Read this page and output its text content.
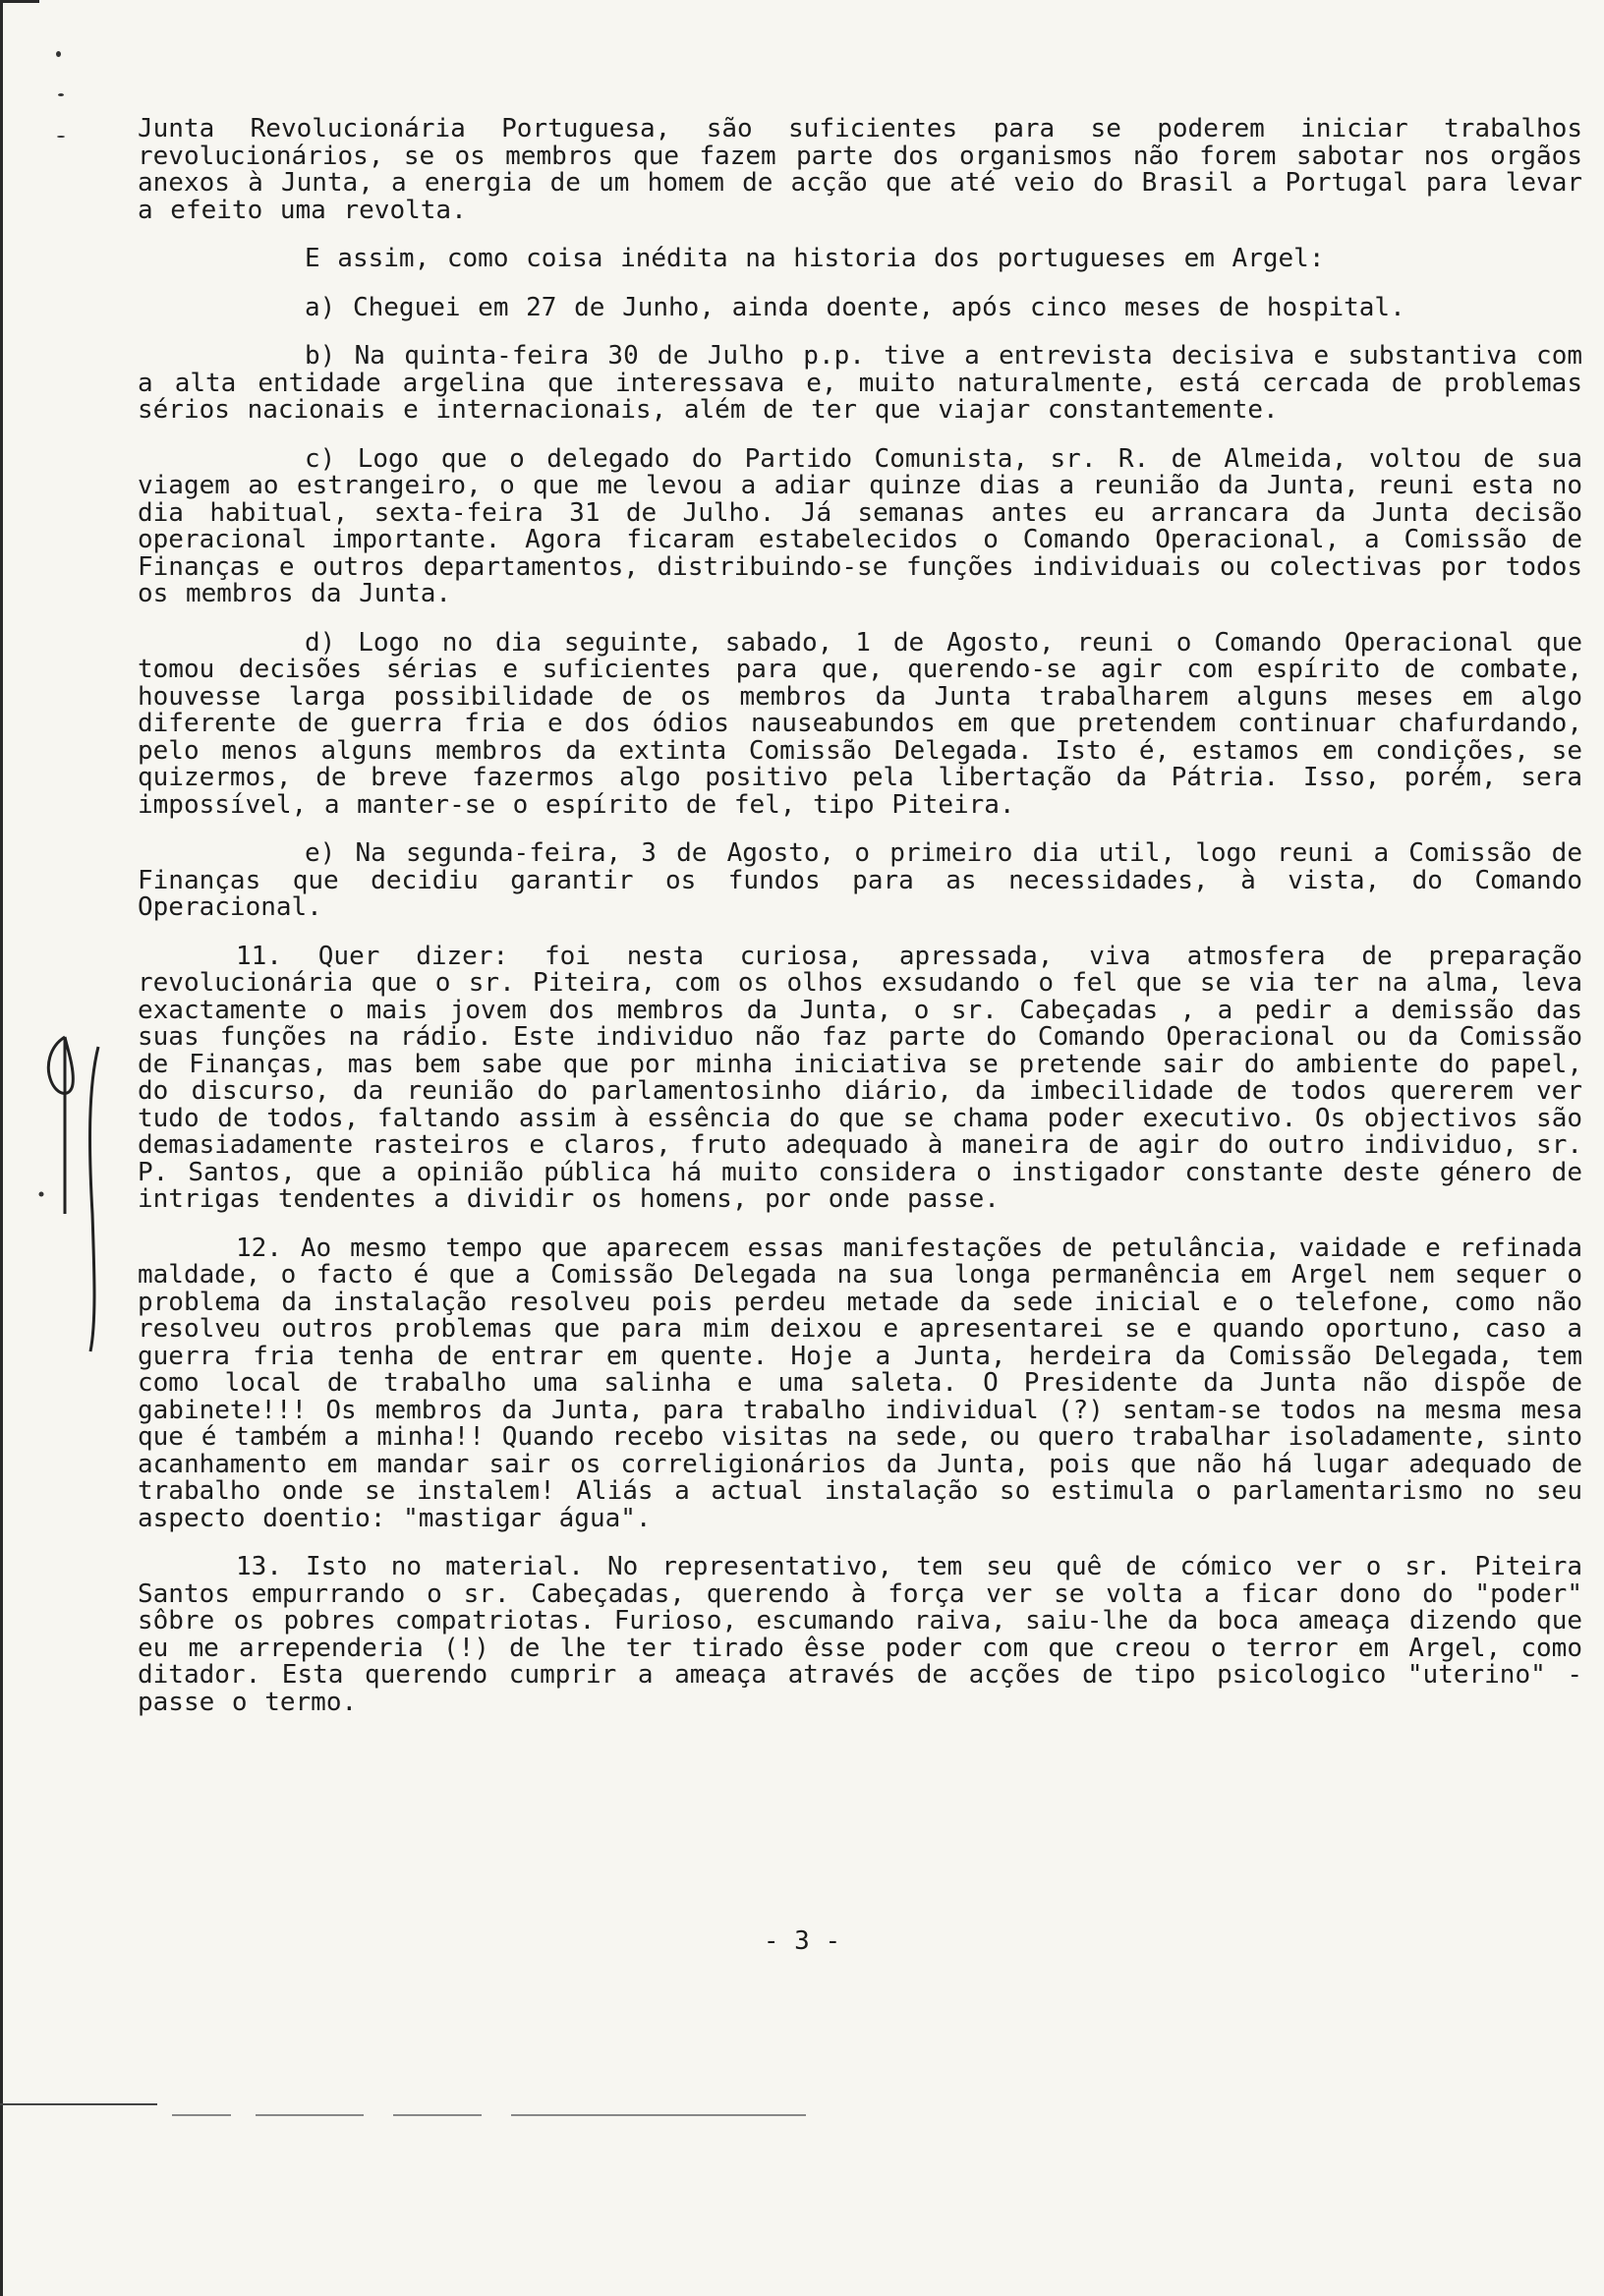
Junta Revolucionária Portuguesa, são suficientes para se poderem iniciar trabalhos revolucionários, se os membros que fazem parte dos organismos não forem sabotar nos orgãos anexos à Junta, a energia de um homem de acção que até veio do Brasil a Portugal para levar a efeito uma revolta.

E assim, como coisa inédita na historia dos portugueses em Argel:

a) Cheguei em 27 de Junho, ainda doente, após cinco meses de hospital.

b) Na quinta-feira 30 de Julho p.p. tive a entrevista decisiva e substantiva com a alta entidade argelina que interessava e, muito naturalmente, está cercada de problemas sérios nacionais e internacionais, além de ter que viajar constantemente.

c) Logo que o delegado do Partido Comunista, sr. R. de Almeida, voltou de sua viagem ao estrangeiro, o que me levou a adiar quinze dias a reunião da Junta, reuni esta no dia habitual, sexta-feira 31 de Julho. Já semanas antes eu arrancara da Junta decisão operacional importante. Agora ficaram estabelecidos o Comando Operacional, a Comissão de Finanças e outros departamentos, distribuindo-se funções individuais ou colectivas por todos os membros da Junta.

d) Logo no dia seguinte, sabado, 1 de Agosto, reuni o Comando Operacional que tomou decisões sérias e suficientes para que, querendo-se agir com espírito de combate, houvesse larga possibilidade de os membros da Junta trabalharem alguns meses em algo diferente de guerra fria e dos ódios nauseabundos em que pretendem continuar chafurdando, pelo menos alguns membros da extinta Comissão Delegada. Isto é, estamos em condições, se quizermos, de breve fazermos algo positivo pela libertação da Pátria. Isso, porém, sera impossível, a manter-se o espírito de fel, tipo Piteira.

e) Na segunda-feira, 3 de Agosto, o primeiro dia util, logo reuni a Comissão de Finanças que decidiu garantir os fundos para as necessidades, à vista, do Comando Operacional.

11. Quer dizer: foi nesta curiosa, apressada, viva atmosfera de preparação revolucionária que o sr. Piteira, com os olhos exsudando o fel que se via ter na alma, leva exactamente o mais jovem dos membros da Junta, o sr. Cabeçadas , a pedir a demissão das suas funções na rádio. Este individuo não faz parte do Comando Operacional ou da Comissão de Finanças, mas bem sabe que por minha iniciativa se pretende sair do ambiente do papel, do discurso, da reunião do parlamentosinho diário, da imbecilidade de todos quererem ver tudo de todos, faltando assim à essência do que se chama poder executivo. Os objectivos são demasiadamente rasteiros e claros, fruto adequado à maneira de agir do outro individuo, sr. P. Santos, que a opinião pública há muito considera o instigador constante deste género de intrigas tendentes a dividir os homens, por onde passe.

12. Ao mesmo tempo que aparecem essas manifestações de petulância, vaidade e refinada maldade, o facto é que a Comissão Delegada na sua longa permanência em Argel nem sequer o problema da instalação resolveu pois perdeu metade da sede inicial e o telefone, como não resolveu outros problemas que para mim deixou e apresentarei se e quando oportuno, caso a guerra fria tenha de entrar em quente. Hoje a Junta, herdeira da Comissão Delegada, tem como local de trabalho uma salinha e uma saleta. O Presidente da Junta não dispõe de gabinete!!! Os membros da Junta, para trabalho individual (?) sentam-se todos na mesma mesa que é também a minha!! Quando recebo visitas na sede, ou quero trabalhar isoladamente, sinto acanhamento em mandar sair os correligionários da Junta, pois que não há lugar adequado de trabalho onde se instalem! Aliás a actual instalação so estimula o parlamentarismo no seu aspecto doentio: "mastigar água".

13. Isto no material. No representativo, tem seu quê de cómico ver o sr. Piteira Santos empurrando o sr. Cabeçadas, querendo à força ver se volta a ficar dono do "poder" sôbre os pobres compatriotas. Furioso, escumando raiva, saiu-lhe da boca ameaça dizendo que eu me arrependeria (!) de lhe ter tirado êsse poder com que creou o terror em Argel, como ditador. Esta querendo cumprir a ameaça através de acções de tipo psicologico "uterino" - passe o termo.

- 3 -
